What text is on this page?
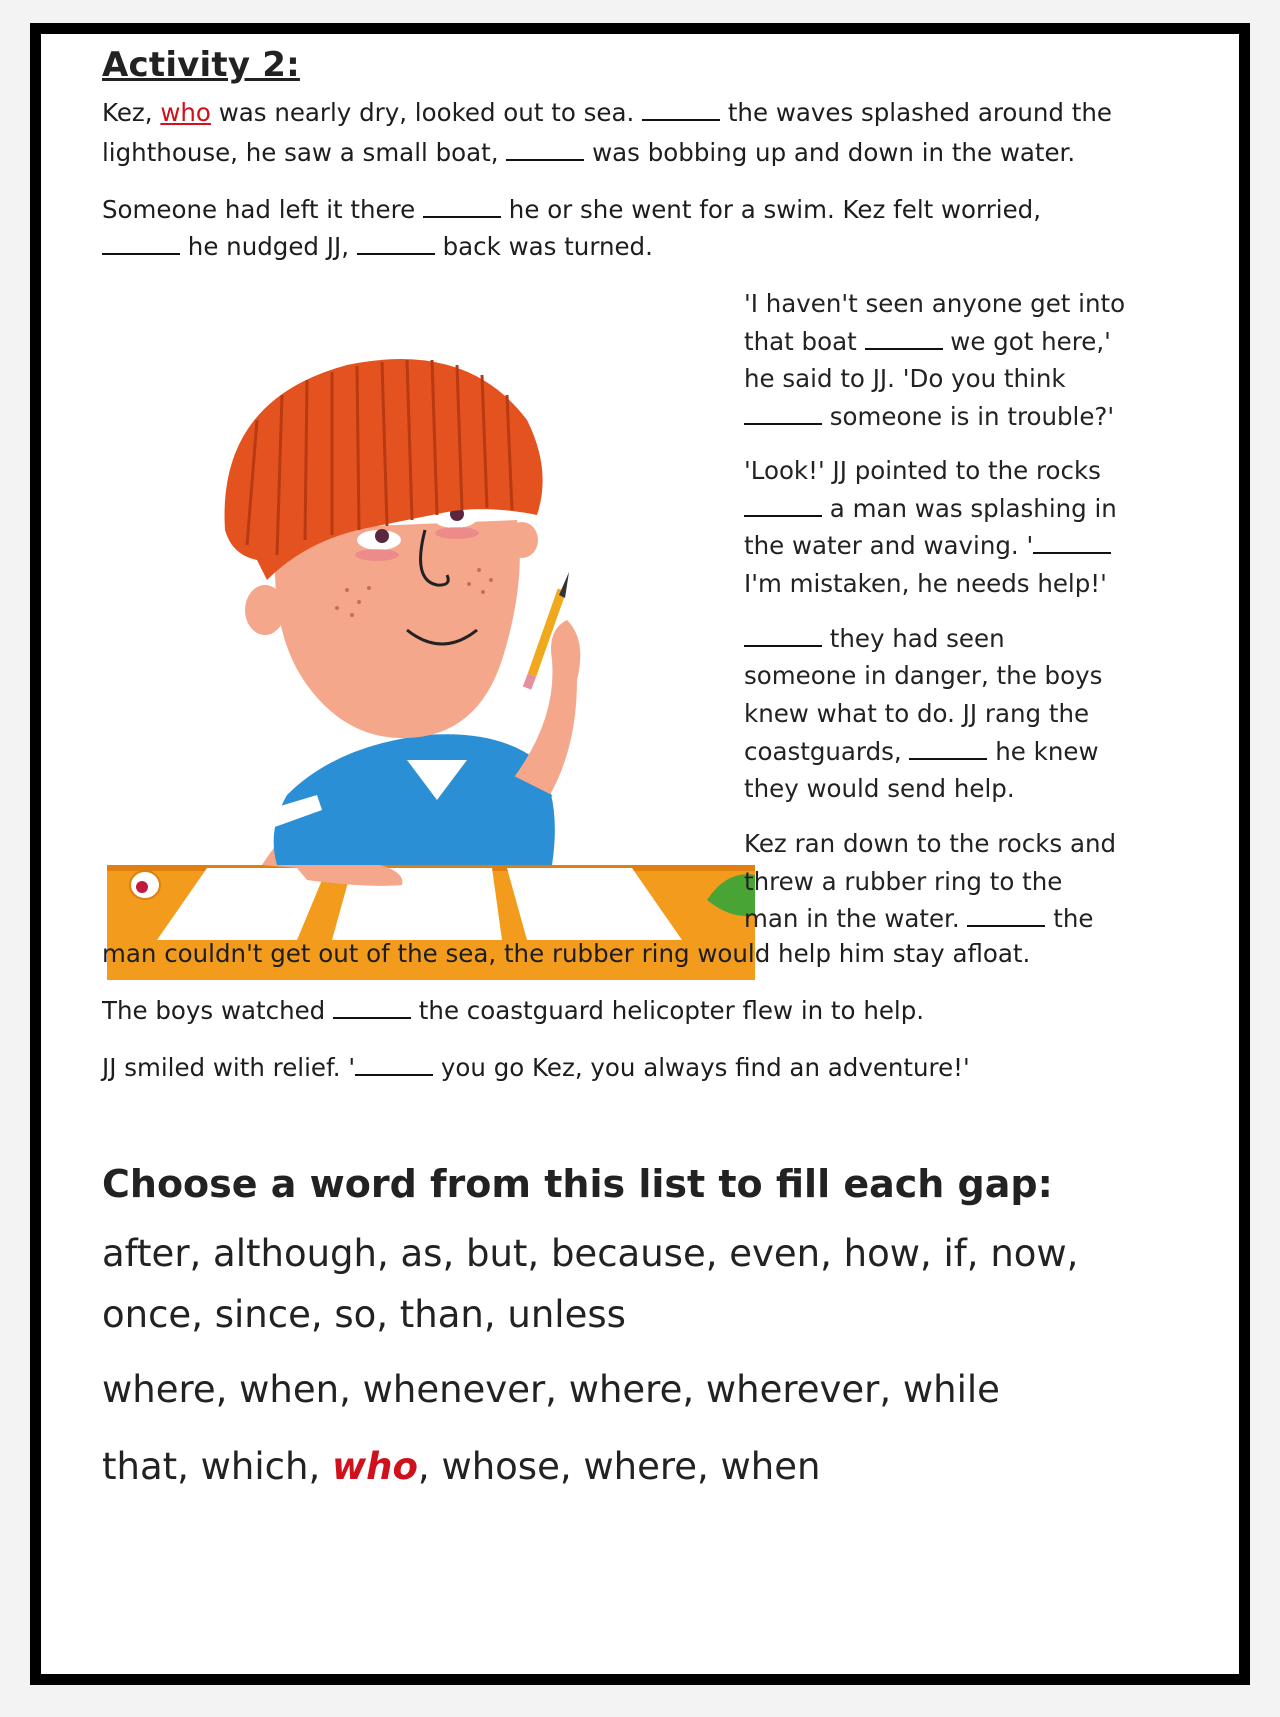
Activity 2:
Kez, who was nearly dry, looked out to sea.	the waves splashed around the
lighthouse, he saw a small boat,	was bobbing up and down in the water.
Someone had left it there	he or she went for a swim. Kez felt worried,
he nudged JJ,	back was turned.
'I haven't seen anyone get into
that boat	we got here,'
he said to JJ. 'Do you think
someone is in trouble?'
'Look!' JJ pointed to the rocks
a man was splashing in
the water and waving. '
I'm mistaken, he needs help!'
they had seen
someone in danger, the boys
knew what to do. JJ rang the
coastguards,	he knew
they would send help.
Kez ran down to the rocks and
threw a rubber ring to the
man in the water.	the
man couldn't get out of the sea, the rubber ring would help him stay afloat.
The boys watched	the coastguard helicopter flew in to help.
JJ smiled with relief. '	you go Kez, you always find an adventure!'
Choose a word from this list to fill each gap:
after, although, as, but, because, even, how, if, now,
once, since, so, than, unless
where, when, whenever, where, wherever, while
that, which, who, whose, where, when
